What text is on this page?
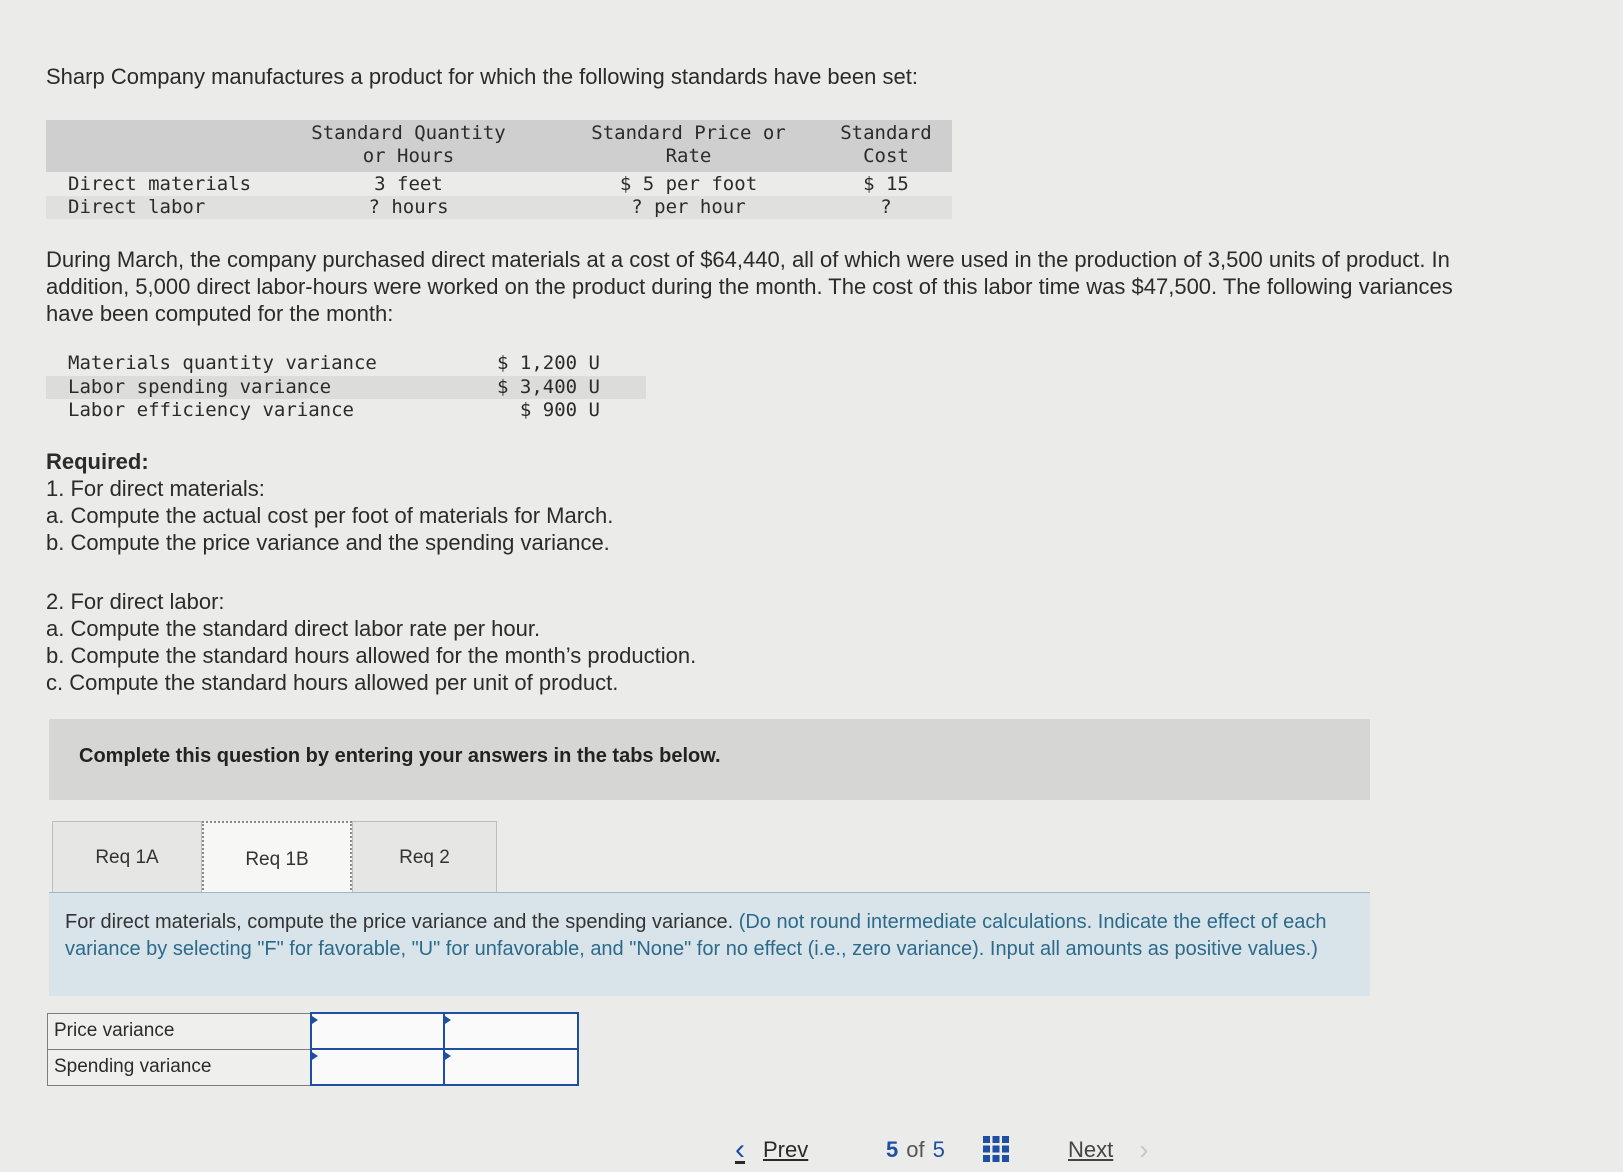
Sharp Company manufactures a product for which the following standards have been set:
Standard Quantity	Standard Price or	Standard
or Hours	Rate	Cost
Direct materials	3 feet	$ 5 per foot	$ 15
Direct labor	? hours	? per hour	?
During March, the company purchased direct materials at a cost of $64,440, all of which were used in the production of 3,500 units of product. In addition, 5,000 direct labor-hours were worked on the product during the month. The cost of this labor time was $47,500. The following variances have been computed for the month:
Materials quantity variance	$ 1,200 U
Labor spending variance	$ 3,400 U
Labor efficiency variance	$ 900 U
Required:
1. For direct materials:
a. Compute the actual cost per foot of materials for March.
b. Compute the price variance and the spending variance.
2. For direct labor:
a. Compute the standard direct labor rate per hour.
b. Compute the standard hours allowed for the month’s production.
c. Compute the standard hours allowed per unit of product.
Complete this question by entering your answers in the tabs below.
Req 1A	Req 1B	Req 2
For direct materials, compute the price variance and the spending variance. (Do not round intermediate calculations. Indicate the effect of each variance by selecting "F" for favorable, "U" for unfavorable, and "None" for no effect (i.e., zero variance). Input all amounts as positive values.)
Price variance		
Spending variance		
‹ Prev	5 of 5	Next ›
